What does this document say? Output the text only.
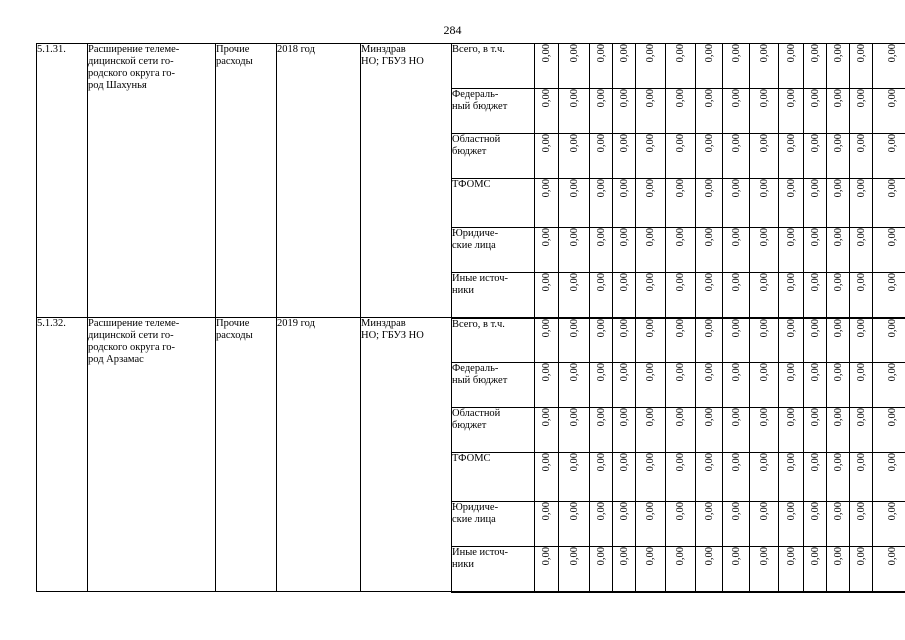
284
5.1.31.	Расширение телеме-
дицинской сети го-
родского округа го-
род Шахунья	Прочие
расходы	2018 год	Минздрав
НО; ГБУЗ НО	Всего, в т.ч.	0,00	0,00	0,00	0,00	0,00	0,00	0,00	0,00	0,00	0,00	0,00	0,00	0,00	0,00

					Федераль-
ный бюджет	0,00	0,00	0,00	0,00	0,00	0,00	0,00	0,00	0,00	0,00	0,00	0,00	0,00	0,00

					Областной
бюджет	0,00	0,00	0,00	0,00	0,00	0,00	0,00	0,00	0,00	0,00	0,00	0,00	0,00	0,00

					ТФОМС	0,00	0,00	0,00	0,00	0,00	0,00	0,00	0,00	0,00	0,00	0,00	0,00	0,00	0,00

					Юридиче-
ские лица	0,00	0,00	0,00	0,00	0,00	0,00	0,00	0,00	0,00	0,00	0,00	0,00	0,00	0,00

					Иные источ-
ники	0,00	0,00	0,00	0,00	0,00	0,00	0,00	0,00	0,00	0,00	0,00	0,00	0,00	0,00

5.1.32.	Расширение телеме-
дицинской сети го-
родского округа го-
род Арзамас	Прочие
расходы	2019 год	Минздрав
НО; ГБУЗ НО	Всего, в т.ч.	0,00	0,00	0,00	0,00	0,00	0,00	0,00	0,00	0,00	0,00	0,00	0,00	0,00	0,00

					Федераль-
ный бюджет	0,00	0,00	0,00	0,00	0,00	0,00	0,00	0,00	0,00	0,00	0,00	0,00	0,00	0,00

					Областной
бюджет	0,00	0,00	0,00	0,00	0,00	0,00	0,00	0,00	0,00	0,00	0,00	0,00	0,00	0,00

					ТФОМС	0,00	0,00	0,00	0,00	0,00	0,00	0,00	0,00	0,00	0,00	0,00	0,00	0,00	0,00

					Юридиче-
ские лица	0,00	0,00	0,00	0,00	0,00	0,00	0,00	0,00	0,00	0,00	0,00	0,00	0,00	0,00

					Иные источ-
ники	0,00	0,00	0,00	0,00	0,00	0,00	0,00	0,00	0,00	0,00	0,00	0,00	0,00	0,00
